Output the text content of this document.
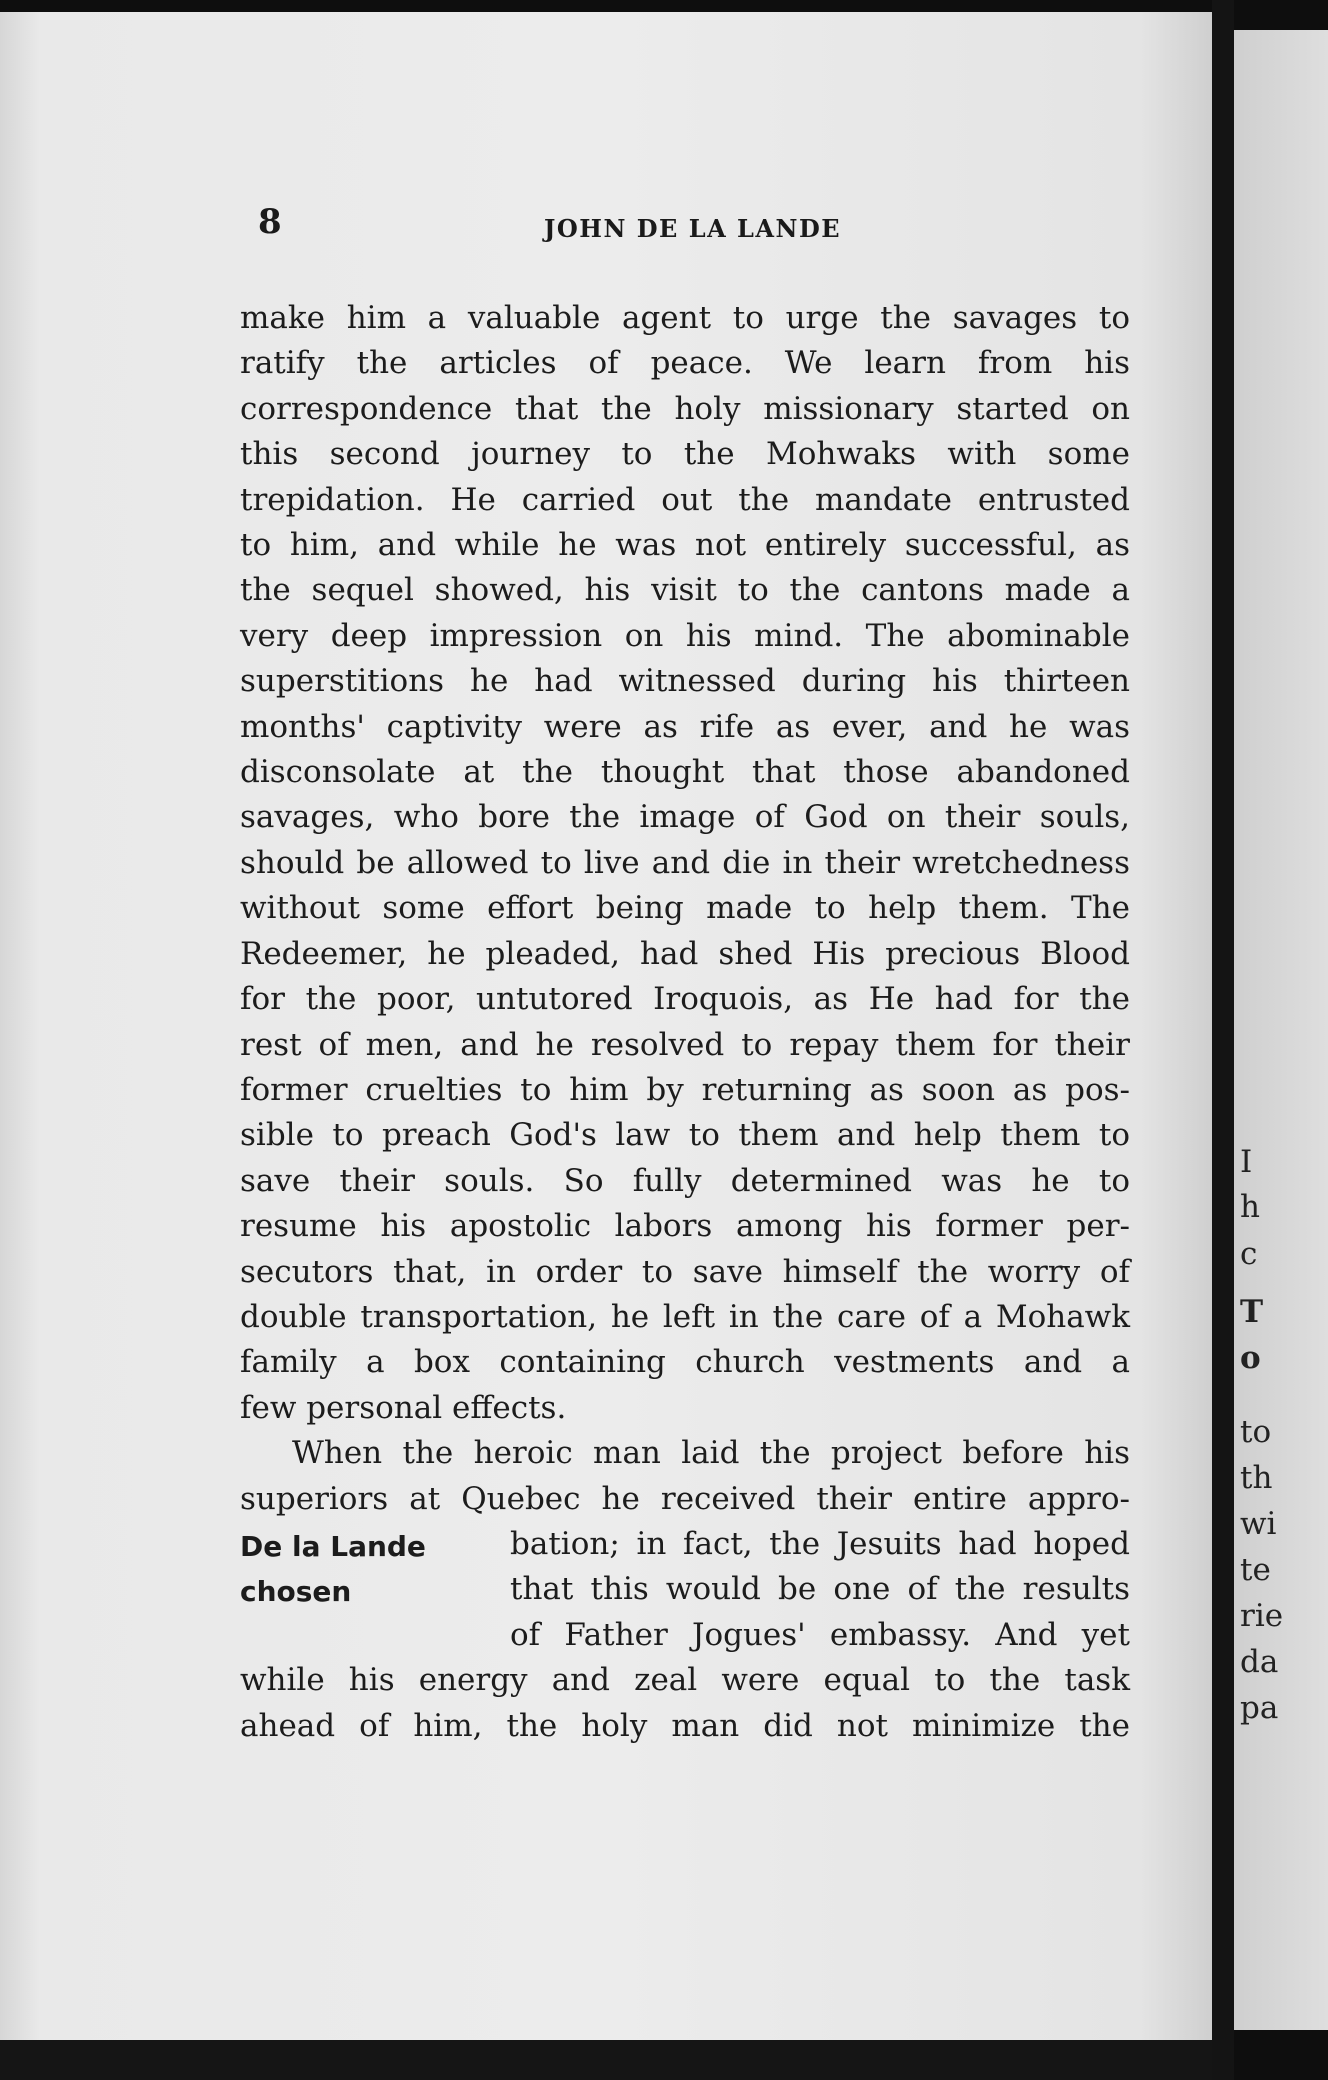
I
h
c
T
o
to
th
wi
te
rie
da
pa
8	JOHN DE LA LANDE
make him a valuable agent to urge the savages to
ratify the articles of peace. We learn from his
correspondence that the holy missionary started on
this second journey to the Mohwaks with some
trepidation. He carried out the mandate entrusted
to him, and while he was not entirely successful, as
the sequel showed, his visit to the cantons made a
very deep impression on his mind. The abominable
superstitions he had witnessed during his thirteen
months' captivity were as rife as ever, and he was
disconsolate at the thought that those abandoned
savages, who bore the image of God on their souls,
should be allowed to live and die in their wretchedness
without some effort being made to help them. The
Redeemer, he pleaded, had shed His precious Blood
for the poor, untutored Iroquois, as He had for the
rest of men, and he resolved to repay them for their
former cruelties to him by returning as soon as pos-
sible to preach God's law to them and help them to
save their souls. So fully determined was he to
resume his apostolic labors among his former per-
secutors that, in order to save himself the worry of
double transportation, he left in the care of a Mohawk
family a box containing church vestments and a
few personal effects.
When the heroic man laid the project before his
superiors at Quebec he received their entire appro-
De la Lande
chosen
bation; in fact, the Jesuits had hoped
that this would be one of the results
of Father Jogues' embassy. And yet
while his energy and zeal were equal to the task
ahead of him, the holy man did not minimize the
